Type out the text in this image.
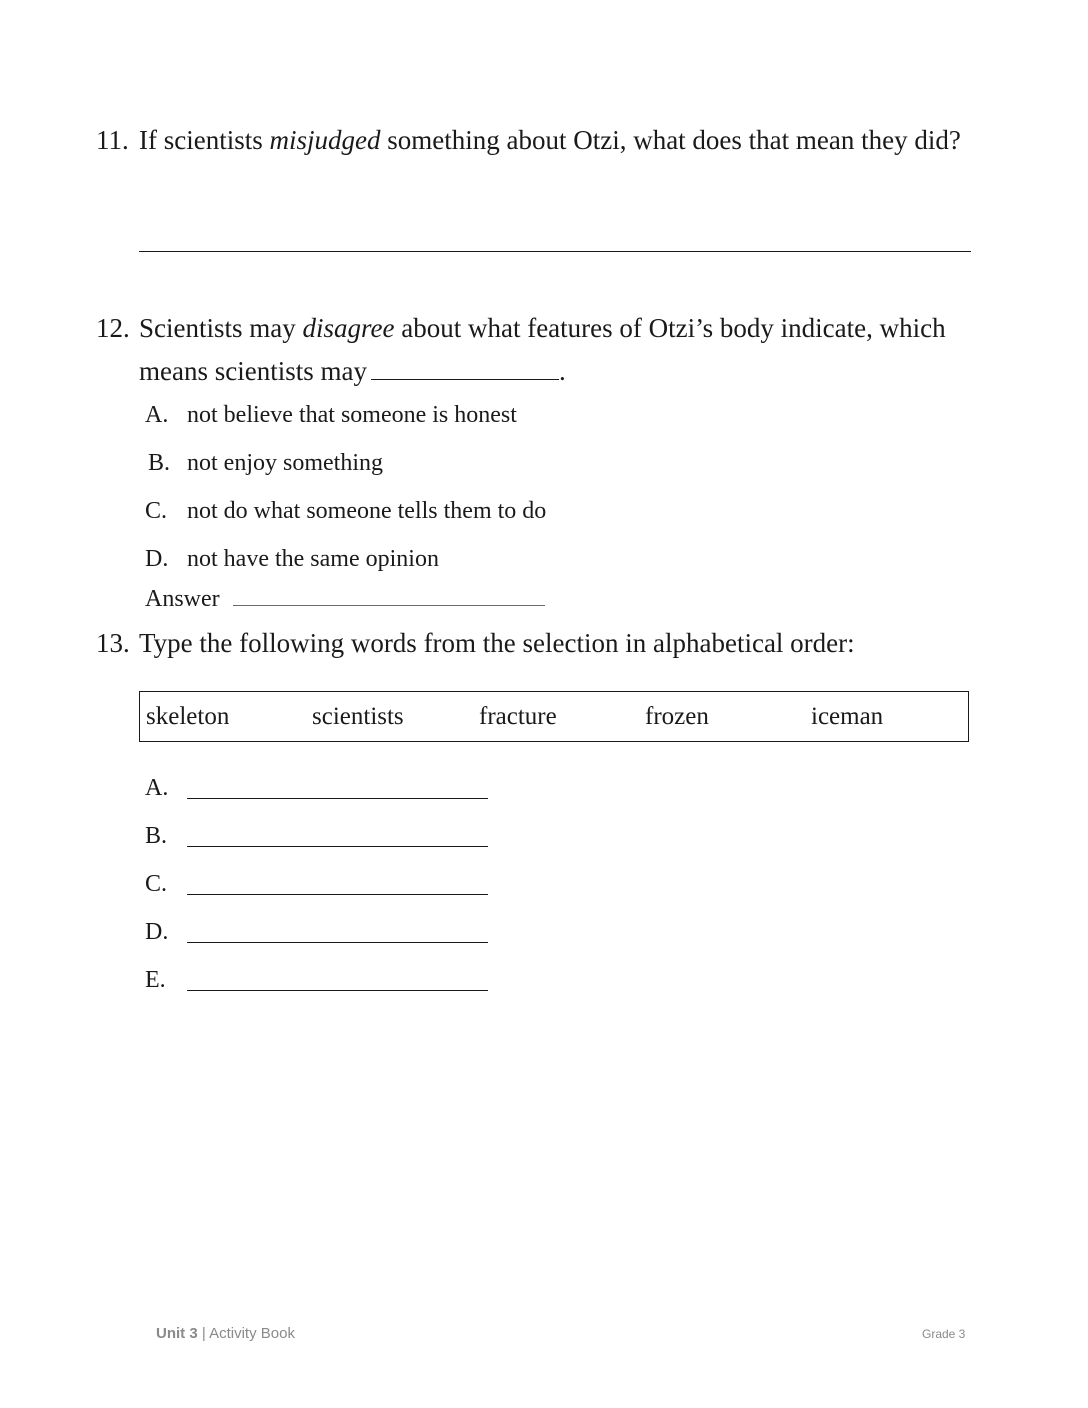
11. If scientists misjudged something about Otzi, what does that mean they did?
12. Scientists may disagree about what features of Otzi’s body indicate, which means scientists may	.
A. not believe that someone is honest
B. not enjoy something
C. not do what someone tells them to do
D. not have the same opinion
Answer
13. Type the following words from the selection in alphabetical order:
skeleton	scientists	fracture	frozen	iceman
A.
B.
C.
D.
E.
Unit 3 | Activity Book	Grade 3
